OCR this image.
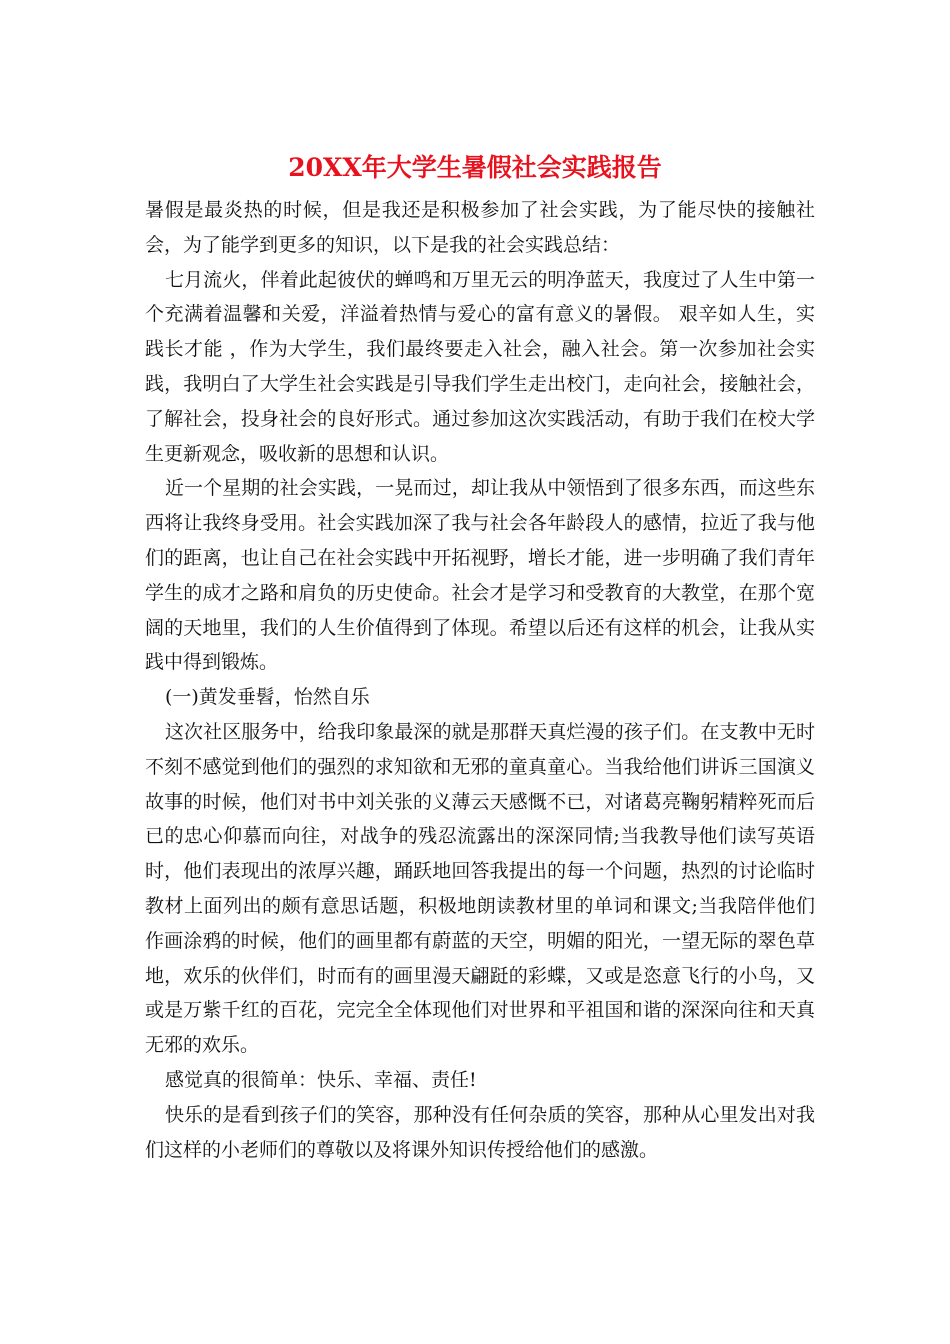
20XX年大学生暑假社会实践报告

暑假是最炎热的时候，但是我还是积极参加了社会实践，为了能尽快的接触社会，为了能学到更多的知识，以下是我的社会实践总结：

七月流火，伴着此起彼伏的蝉鸣和万里无云的明净蓝天，我度过了人生中第一个充满着温馨和关爱，洋溢着热情与爱心的富有意义的暑假。 艰辛如人生，实践长才能 ，作为大学生，我们最终要走入社会，融入社会。第一次参加社会实践，我明白了大学生社会实践是引导我们学生走出校门，走向社会，接触社会，了解社会，投身社会的良好形式。通过参加这次实践活动，有助于我们在校大学生更新观念，吸收新的思想和认识。

近一个星期的社会实践，一晃而过，却让我从中领悟到了很多东西，而这些东西将让我终身受用。社会实践加深了我与社会各年龄段人的感情，拉近了我与他们的距离，也让自己在社会实践中开拓视野，增长才能，进一步明确了我们青年学生的成才之路和肩负的历史使命。社会才是学习和受教育的大教堂，在那个宽阔的天地里，我们的人生价值得到了体现。希望以后还有这样的机会，让我从实践中得到锻炼。

(一)黄发垂髫，怡然自乐

这次社区服务中，给我印象最深的就是那群天真烂漫的孩子们。在支教中无时不刻不感觉到他们的强烈的求知欲和无邪的童真童心。当我给他们讲诉三国演义故事的时候，他们对书中刘关张的义薄云天感慨不已，对诸葛亮鞠躬精粹死而后已的忠心仰慕而向往，对战争的残忍流露出的深深同情;当我教导他们读写英语时，他们表现出的浓厚兴趣，踊跃地回答我提出的每一个问题，热烈的讨论临时教材上面列出的颇有意思话题，积极地朗读教材里的单词和课文;当我陪伴他们作画涂鸦的时候，他们的画里都有蔚蓝的天空，明媚的阳光，一望无际的翠色草地，欢乐的伙伴们，时而有的画里漫天翩跹的彩蝶，又或是恣意飞行的小鸟，又或是万紫千红的百花，完完全全体现他们对世界和平祖国和谐的深深向往和天真无邪的欢乐。

感觉真的很简单：快乐、幸福、责任!

快乐的是看到孩子们的笑容，那种没有任何杂质的笑容，那种从心里发出对我们这样的小老师们的尊敬以及将课外知识传授给他们的感激。
